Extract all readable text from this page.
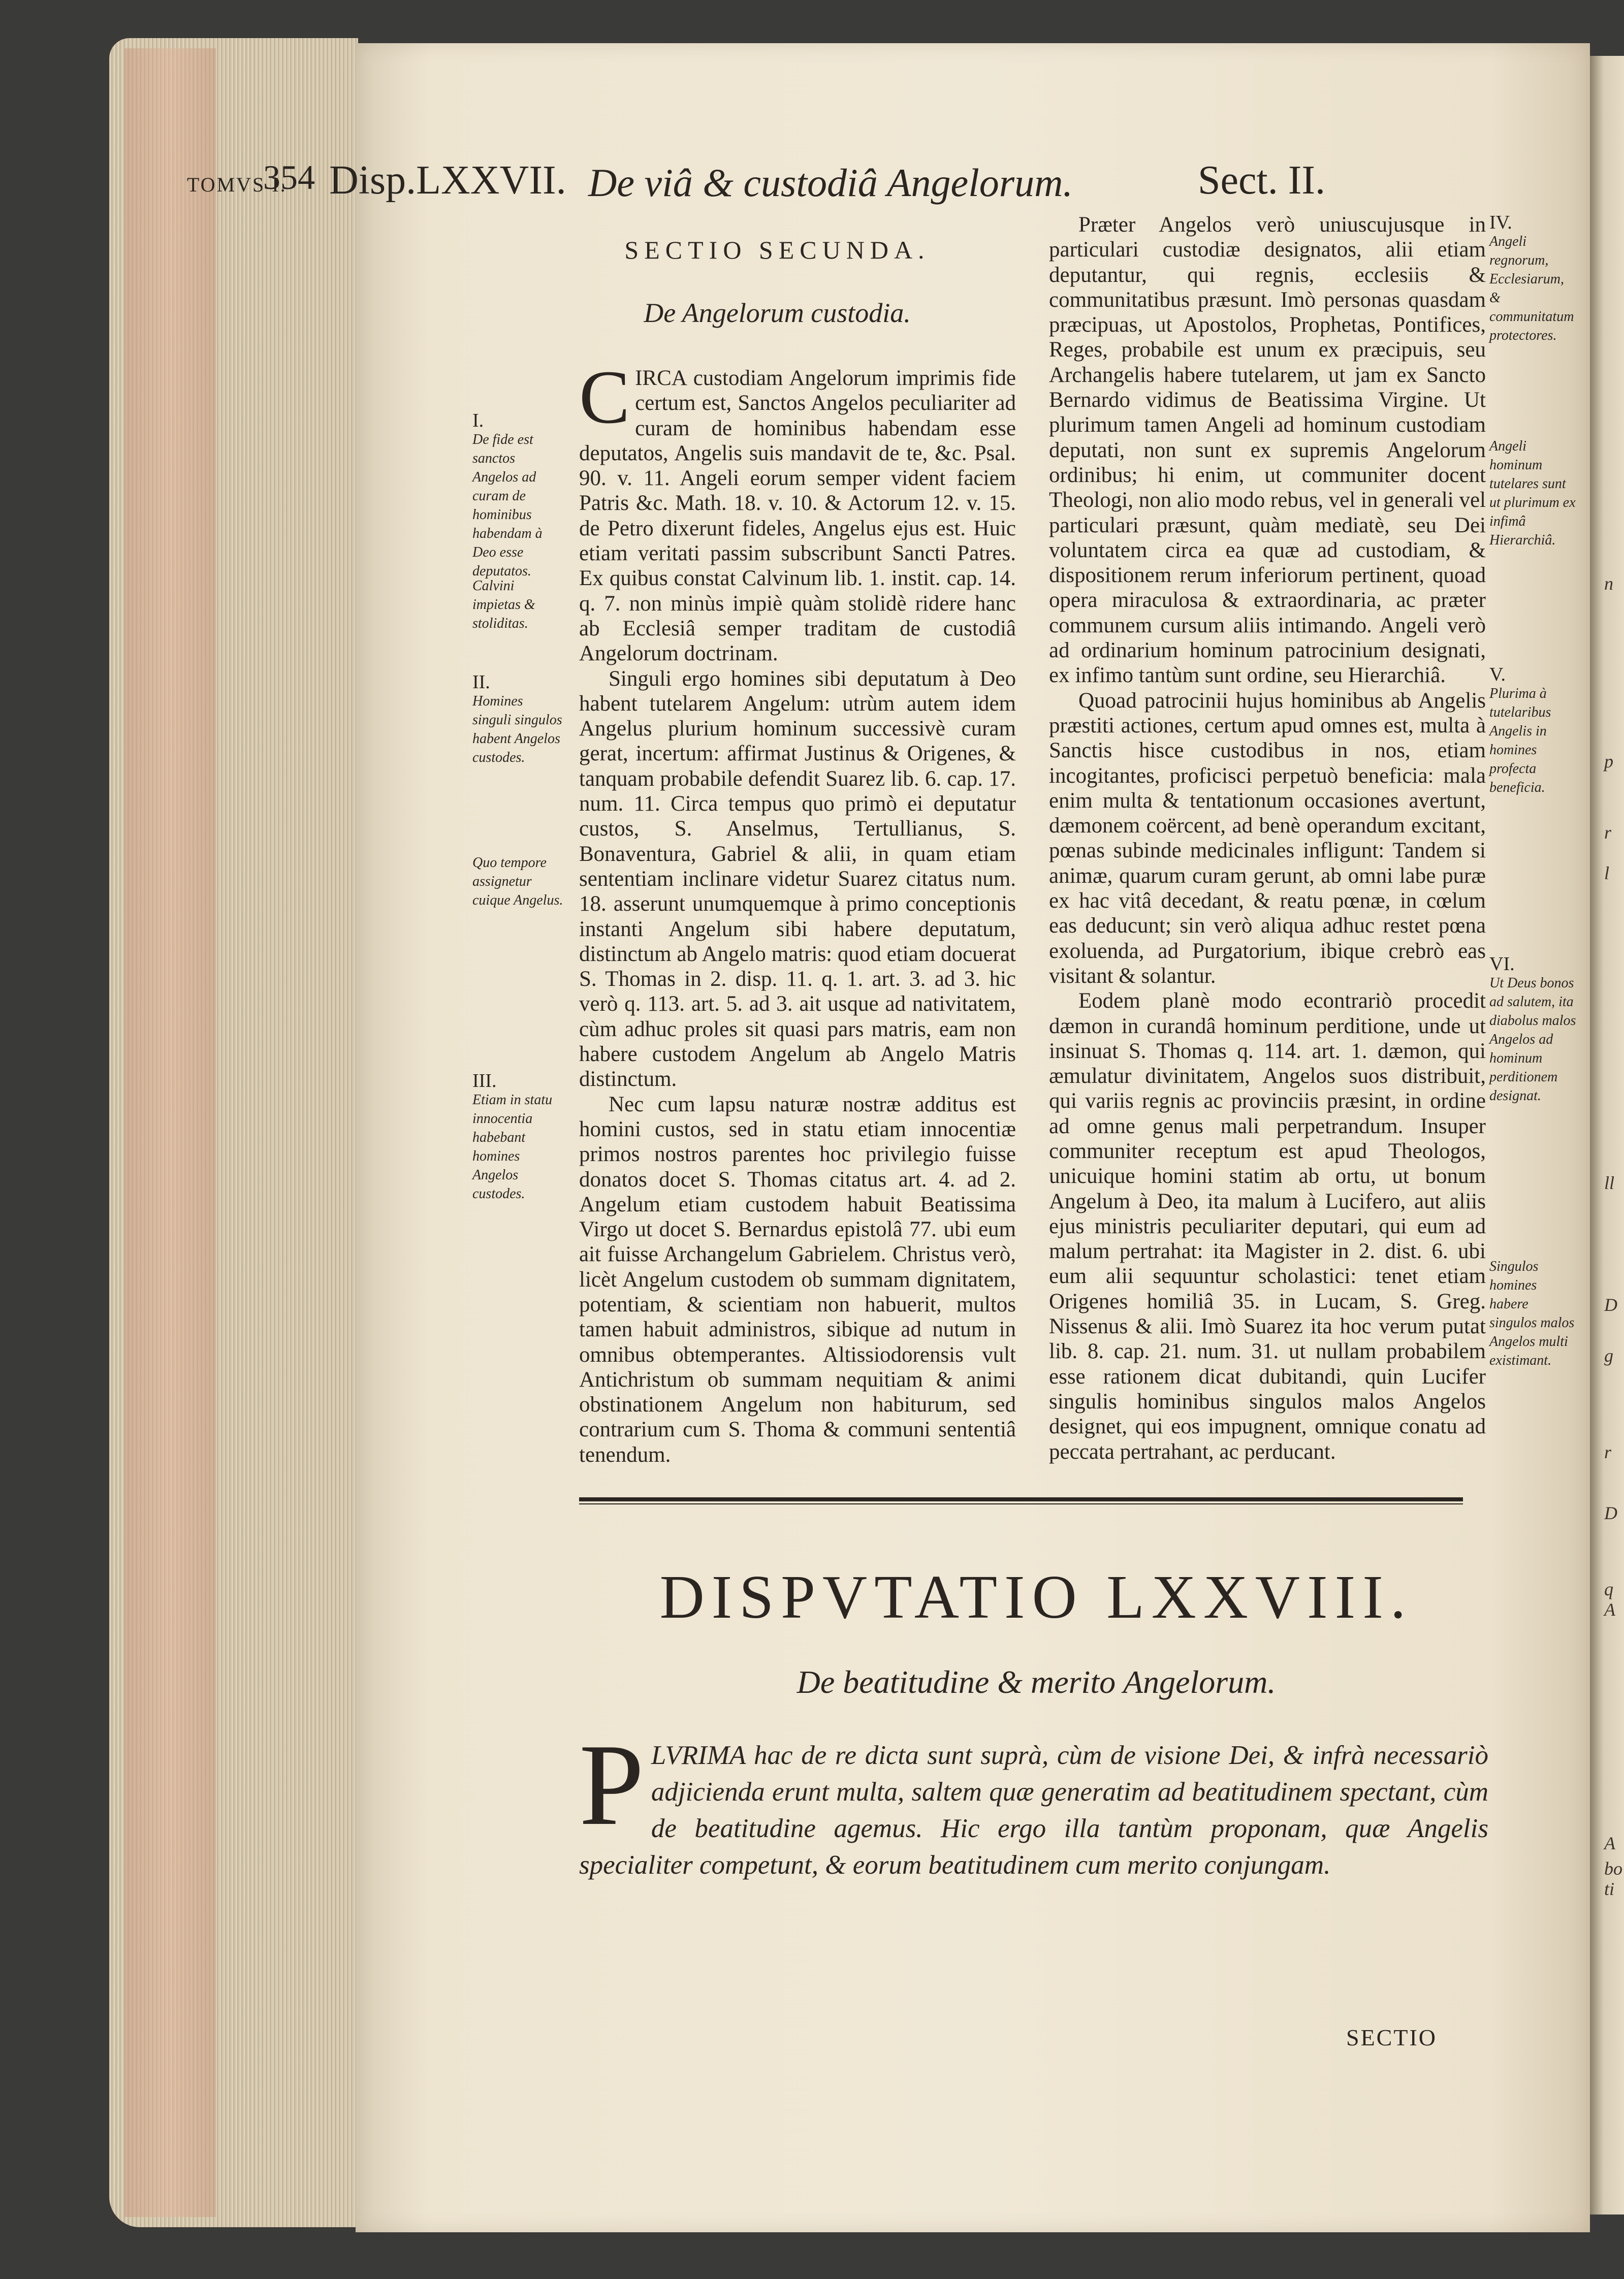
n
p
r
l
ll
D
g
r
D
q
A
A
bo
ti
TOMVS I.
354 Disp.LXXVII. De viâ & custodiâ Angelorum.	Sect. II.
SECTIO SECUNDA.
De Angelorum custodia.

CIRCA custodiam Angelorum imprimis fide certum est, Sanctos Angelos peculiariter ad curam de hominibus habendam esse deputatos, Angelis suis mandavit de te, &c. Psal. 90. v. 11. Angeli eorum semper vident faciem Patris &c. Math. 18. v. 10. & Actorum 12. v. 15. de Petro dixerunt fideles, Angelus ejus est. Huic etiam veritati passim subscribunt Sancti Patres. Ex quibus constat Calvinum lib. 1. instit. cap. 14. q. 7. non minùs impiè quàm stolidè ridere hanc ab Ecclesiâ semper traditam de custodiâ Angelorum doctrinam.

Singuli ergo homines sibi deputatum à Deo habent tutelarem Angelum: utrùm autem idem Angelus plurium hominum successivè curam gerat, incertum: affirmat Justinus & Origenes, & tanquam probabile defendit Suarez lib. 6. cap. 17. num. 11. Circa tempus quo primò ei deputatur custos, S. Anselmus, Tertullianus, S. Bonaventura, Gabriel & alii, in quam etiam sententiam inclinare videtur Suarez citatus num. 18. asserunt unumquemque à primo conceptionis instanti Angelum sibi habere deputatum, distinctum ab Angelo matris: quod etiam docuerat S. Thomas in 2. disp. 11. q. 1. art. 3. ad 3. hic verò q. 113. art. 5. ad 3. ait usque ad nativitatem, cùm adhuc proles sit quasi pars matris, eam non habere custodem Angelum ab Angelo Matris distinctum.

Nec cum lapsu naturæ nostræ additus est homini custos, sed in statu etiam innocentiæ primos nostros parentes hoc privilegio fuisse donatos docet S. Thomas citatus art. 4. ad 2. Angelum etiam custodem habuit Beatissima Virgo ut docet S. Bernardus epistolâ 77. ubi eum ait fuisse Archangelum Gabrielem. Christus verò, licèt Angelum custodem ob summam dignitatem, potentiam, & scientiam non habuerit, multos tamen habuit administros, sibique ad nutum in omnibus obtemperantes. Altissiodorensis vult Antichristum ob summam nequitiam & animi obstinationem Angelum non habiturum, sed contrarium cum S. Thoma & communi sententiâ tenendum.

Præter Angelos verò uniuscujusque in particulari custodiæ designatos, alii etiam deputantur, qui regnis, ecclesiis & communitatibus præsunt. Imò personas quasdam præcipuas, ut Apostolos, Prophetas, Pontifices, Reges, probabile est unum ex præcipuis, seu Archangelis habere tutelarem, ut jam ex Sancto Bernardo vidimus de Beatissima Virgine. Ut plurimum tamen Angeli ad hominum custodiam deputati, non sunt ex supremis Angelorum ordinibus; hi enim, ut communiter docent Theologi, non alio modo rebus, vel in generali vel particulari præsunt, quàm mediatè, seu Dei voluntatem circa ea quæ ad custodiam, & dispositionem rerum inferiorum pertinent, quoad opera miraculosa & extraordinaria, ac præter communem cursum aliis intimando. Angeli verò ad ordinarium hominum patrocinium designati, ex infimo tantùm sunt ordine, seu Hierarchiâ.

Quoad patrocinii hujus hominibus ab Angelis præstiti actiones, certum apud omnes est, multa à Sanctis hisce custodibus in nos, etiam incogitantes, proficisci perpetuò beneficia: mala enim multa & tentationum occasiones avertunt, dæmonem coërcent, ad benè operandum excitant, pœnas subinde medicinales infligunt: Tandem si animæ, quarum curam gerunt, ab omni labe puræ ex hac vitâ decedant, & reatu pœnæ, in cœlum eas deducunt; sin verò aliqua adhuc restet pœna exoluenda, ad Purgatorium, ibique crebrò eas visitant & solantur.

Eodem planè modo econtrariò procedit dæmon in curandâ hominum perditione, unde ut insinuat S. Thomas q. 114. art. 1. dæmon, qui æmulatur divinitatem, Angelos suos distribuit, qui variis regnis ac provinciis præsint, in ordine ad omne genus mali perpetrandum. Insuper communiter receptum est apud Theologos, unicuique homini statim ab ortu, ut bonum Angelum à Deo, ita malum à Lucifero, aut aliis ejus ministris peculiariter deputari, qui eum ad malum pertrahat: ita Magister in 2. dist. 6. ubi eum alii sequuntur scholastici: tenet etiam Origenes homiliâ 35. in Lucam, S. Greg. Nissenus & alii. Imò Suarez ita hoc verum putat lib. 8. cap. 21. num. 31. ut nullam probabilem esse rationem dicat dubitandi, quin Lucifer singulis hominibus singulos malos Angelos designet, qui eos impugnent, omnique conatu ad peccata pertrahant, ac perducant.

I.
De fide est sanctos Angelos ad curam de hominibus habendam à Deo esse deputatos.
Calvini impietas & stoliditas.
II.
Homines singuli singulos habent Angelos custodes.
Quo tempore assignetur cuique Angelus.
III.
Etiam in statu innocentia habebant homines Angelos custodes.
IV.
Angeli regnorum, Ecclesiarum, & communitatum protectores.
Angeli hominum tutelares sunt ut plurimum ex infimâ Hierarchiâ.
V.
Plurima à tutelaribus Angelis in homines profecta beneficia.
VI.
Ut Deus bonos ad salutem, ita diabolus malos Angelos ad hominum perditionem designat.
Singulos homines habere singulos malos Angelos multi existimant.
DISPVTATIO LXXVIII.
De beatitudine & merito Angelorum.
PLVRIMA hac de re dicta sunt suprà, cùm de visione Dei, & infrà necessariò adjicienda erunt multa, saltem quæ generatim ad beatitudinem spectant, cùm de beatitudine agemus. Hic ergo illa tantùm proponam, quæ Angelis specialiter competunt, & eorum beatitudinem cum merito conjungam.
SECTIO
